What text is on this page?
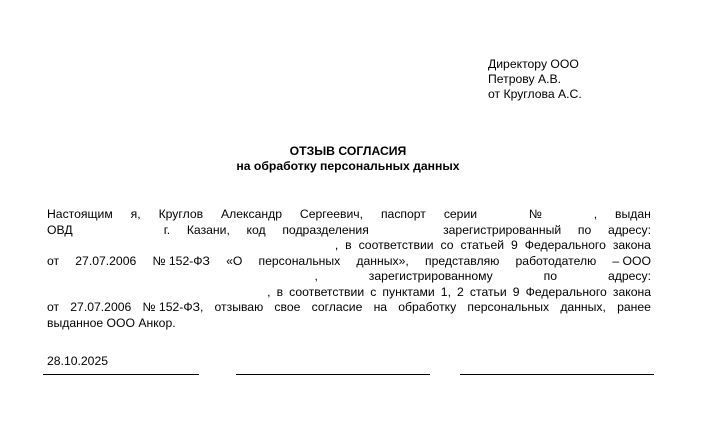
Директору ООО
Петрову А.В.
от Круглова А.С.
ОТЗЫВ СОГЛАСИЯ
на обработку персональных данных
Настоящим я, Круглов Александр Сергеевич, паспорт серии № , выдан
ОВД г. Казани, код подразделения зарегистрированный по адресу:
, в соответствии со статьей 9 Федерального закона
от 27.07.2006 № 152-ФЗ «О персональных данных», представляю работодателю – ООО
,	зарегистрированному	по	адресу:
, в соответствии с пунктами 1, 2 статьи 9 Федерального закона
от 27.07.2006 № 152-ФЗ, отзываю свое согласие на обработку персональных данных, ранее
выданное ООО Анкор.
28.10.2025
